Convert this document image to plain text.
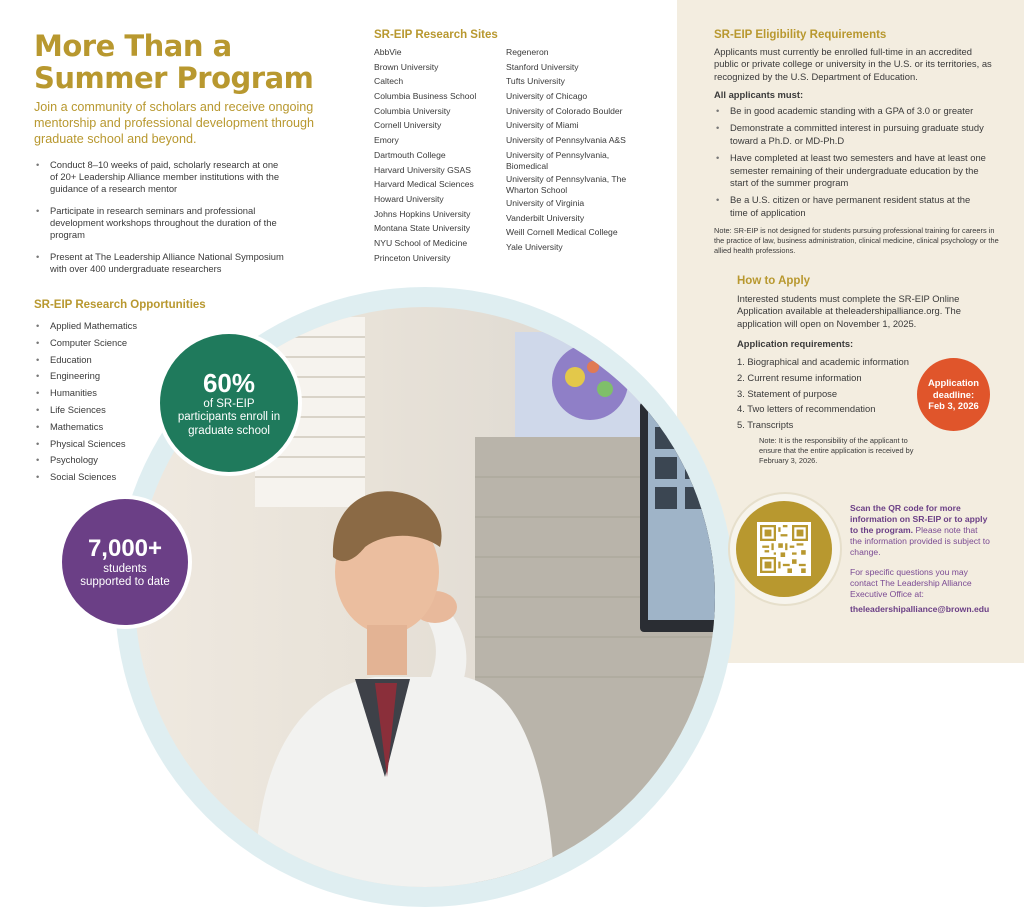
More Than a Summer Program

Join a community of scholars and receive ongoing mentorship and professional development through graduate school and beyond.

• Conduct 8–10 weeks of paid, scholarly research at one of 20+ Leadership Alliance member institutions with the guidance of a research mentor
• Participate in research seminars and professional development workshops throughout the duration of the program
• Present at The Leadership Alliance National Symposium with over 400 undergraduate researchers
SR-EIP Research Opportunities
• Applied Mathematics
• Computer Science
• Education
• Engineering
• Humanities
• Life Sciences
• Mathematics
• Physical Sciences
• Psychology
• Social Sciences
SR-EIP Research Sites
AbbVie
Brown University
Caltech
Columbia Business School
Columbia University
Cornell University
Emory
Dartmouth College
Harvard University GSAS
Harvard Medical Sciences
Howard University
Johns Hopkins University
Montana State University
NYU School of Medicine
Princeton University
Regeneron
Stanford University
Tufts University
University of Chicago
University of Colorado Boulder
University of Miami
University of Pennsylvania A&S
University of Pennsylvania, Biomedical
University of Pennsylvania, The Wharton School
University of Virginia
Vanderbilt University
Weill Cornell Medical College
Yale University
SR-EIP Eligibility Requirements

Applicants must currently be enrolled full-time in an accredited public or private college or university in the U.S. or its territories, as recognized by the U.S. Department of Education.

All applicants must:

• Be in good academic standing with a GPA of 3.0 or greater
• Demonstrate a committed interest in pursuing graduate study toward a Ph.D. or MD-Ph.D
• Have completed at least two semesters and have at least one semester remaining of their undergraduate education by the start of the summer program
• Be a U.S. citizen or have permanent resident status at the time of application

Note: SR-EIP is not designed for students pursuing professional training for careers in the practice of law, business administration, clinical medicine, clinical psychology or the allied health professions.

How to Apply

Interested students must complete the SR-EIP Online Application available at theleadershipalliance.org. The application will open on November 1, 2025.

Application requirements:

1. Biographical and academic information
2. Current resume information
3. Statement of purpose
4. Two letters of recommendation
5. Transcripts

Note: It is the responsibility of the applicant to ensure that the entire application is received by February 3, 2026.

Application deadline:
Feb 3, 2026
60%
of SR-EIP participants enroll in graduate school
7,000+
students supported to date

Scan the QR code for more information on SR-EIP or to apply to the program. Please note that the information provided is subject to change.

For specific questions you may contact The Leadership Alliance Executive Office at:

theleadershipalliance@brown.edu
